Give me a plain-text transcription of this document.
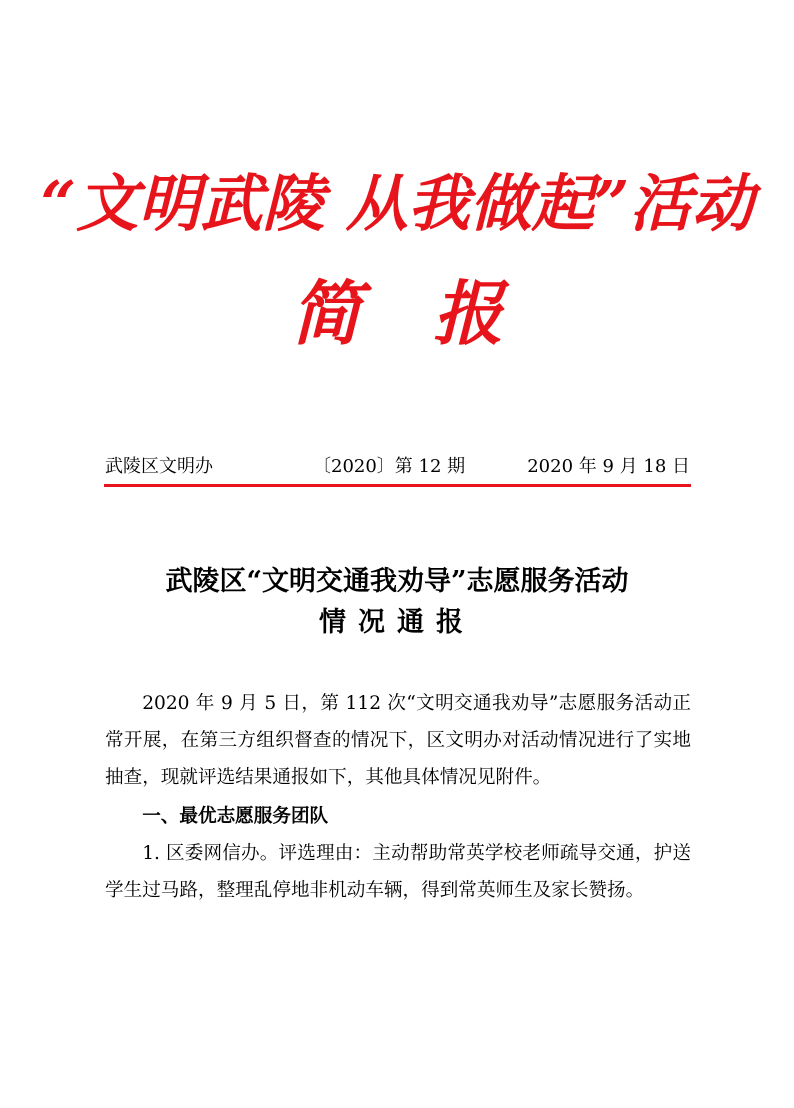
“文明武陵 从我做起”活动
简 报
武陵区文明办	〔2020〕第 12 期	2020 年 9 月 18 日
武陵区“文明交通我劝导”志愿服务活动
情况通报

2020 年 9 月 5 日，第 112 次“文明交通我劝导”志愿服务活动正常开展，在第三方组织督查的情况下，区文明办对活动情况进行了实地抽查，现就评选结果通报如下，其他具体情况见附件。

一、最优志愿服务团队

1. 区委网信办。评选理由：主动帮助常英学校老师疏导交通，护送学生过马路，整理乱停地非机动车辆，得到常英师生及家长赞扬。
